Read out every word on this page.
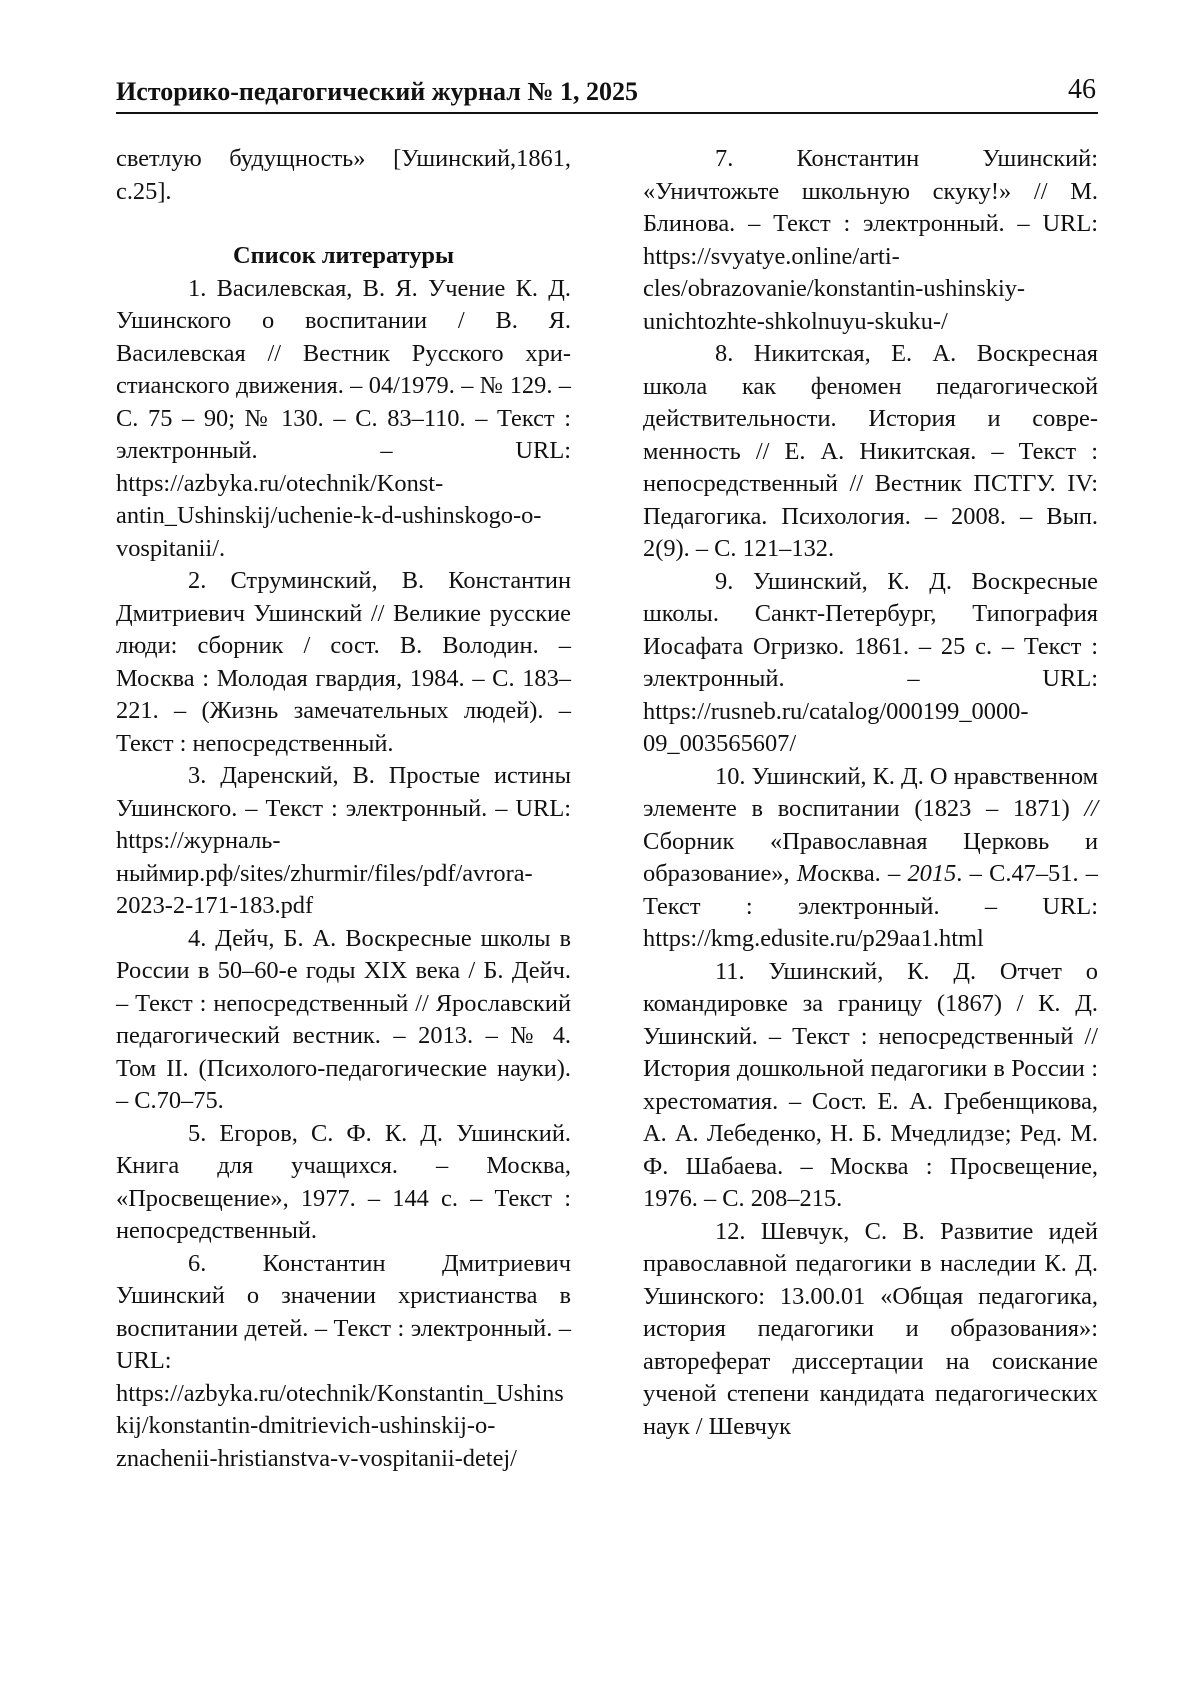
Историко-педагогический журнал № 1, 2025	46

светлую будущность» [Ушинский,1861, с.25].

Список литературы

1. Василевская, В. Я. Учение К. Д. Ушинского о воспитании / В. Я. Василевская // Вестник Русского христианского движения. – 04/1979. – № 129. – С. 75 – 90; № 130. – С. 83–110. – Текст : электронный. – URL: https://azbyka.ru/otechnik/Konstantin_Ushinskij/uchenie-k-d-ushinskogo-o-vospitanii/.

2. Струминский, В. Константин Дмитриевич Ушинский // Великие русские люди: сборник / сост. В. Володин. – Москва : Молодая гвардия, 1984. – С. 183–221. – (Жизнь замечательных людей). – Текст : непосредственный.

3. Даренский, В. Простые истины Ушинского. – Текст : электронный. – URL: https://журнальныймир.рф/sites/zhurmir/files/pdf/avrora-2023-2-171-183.pdf

4. Дейч, Б. А. Воскресные школы в России в 50–60-е годы XIX века / Б. Дейч. – Текст : непосредственный // Ярославский педагогический вестник. – 2013. – № 4. Том II. (Психолого-педагогические науки). – С.70–75.

5. Егоров, С. Ф. К. Д. Ушинский. Книга для учащихся. – Москва, «Просвещение», 1977. – 144 с. – Текст : непосредственный.

6. Константин Дмитриевич Ушинский о значении христианства в воспитании детей. – Текст : электронный. – URL: https://azbyka.ru/otechnik/Konstantin_Ushinskij/konstantin-dmitrievich-ushinskij-o-znachenii-hristianstva-v-vospitanii-detej/

7.	Константин Ушинский: «Уничтожьте школьную скуку!» // М. Блинова. – Текст : электронный. – URL: https://svyatye.online/articles/obrazovanie/konstantin-ushinskiy-unichtozhte-shkolnuyu-skuku-/

8. Никитская, Е. А. Воскресная школа как феномен педагогической действительности. История и современность // Е. А. Никитская. – Текст : непосредственный // Вестник ПСТГУ. IV: Педагогика. Психология. – 2008. – Вып. 2(9). – С. 121–132.

9. Ушинский, К. Д. Воскресные школы. Санкт-Петербург, Типография Иосафата Огризко. 1861. – 25 с. – Текст : электронный. – URL: https://rusneb.ru/catalog/000199_000009_003565607/

10. Ушинский, К. Д. О нравственном элементе в воспитании (1823 – 1871) // Сборник «Православная Церковь и образование», Москва. – 2015. – С.47–51. – Текст : электронный. – URL: https://kmg.edusite.ru/p29aa1.html

11. Ушинский, К. Д. Отчет о командировке за границу (1867) / К. Д. Ушинский. – Текст : непосредственный // История дошкольной педагогики в России : хрестоматия. – Сост. Е. А. Гребенщикова, А. А. Лебеденко, Н. Б. Мчедлидзе; Ред. М. Ф. Шабаева. – Москва : Просвещение, 1976. – С. 208–215.

12. Шевчук, С. В. Развитие идей православной педагогики в наследии К. Д. Ушинского: 13.00.01 «Общая педагогика, история педагогики и образования»: автореферат диссертации на соискание ученой степени кандидата педагогических наук / Шевчук
